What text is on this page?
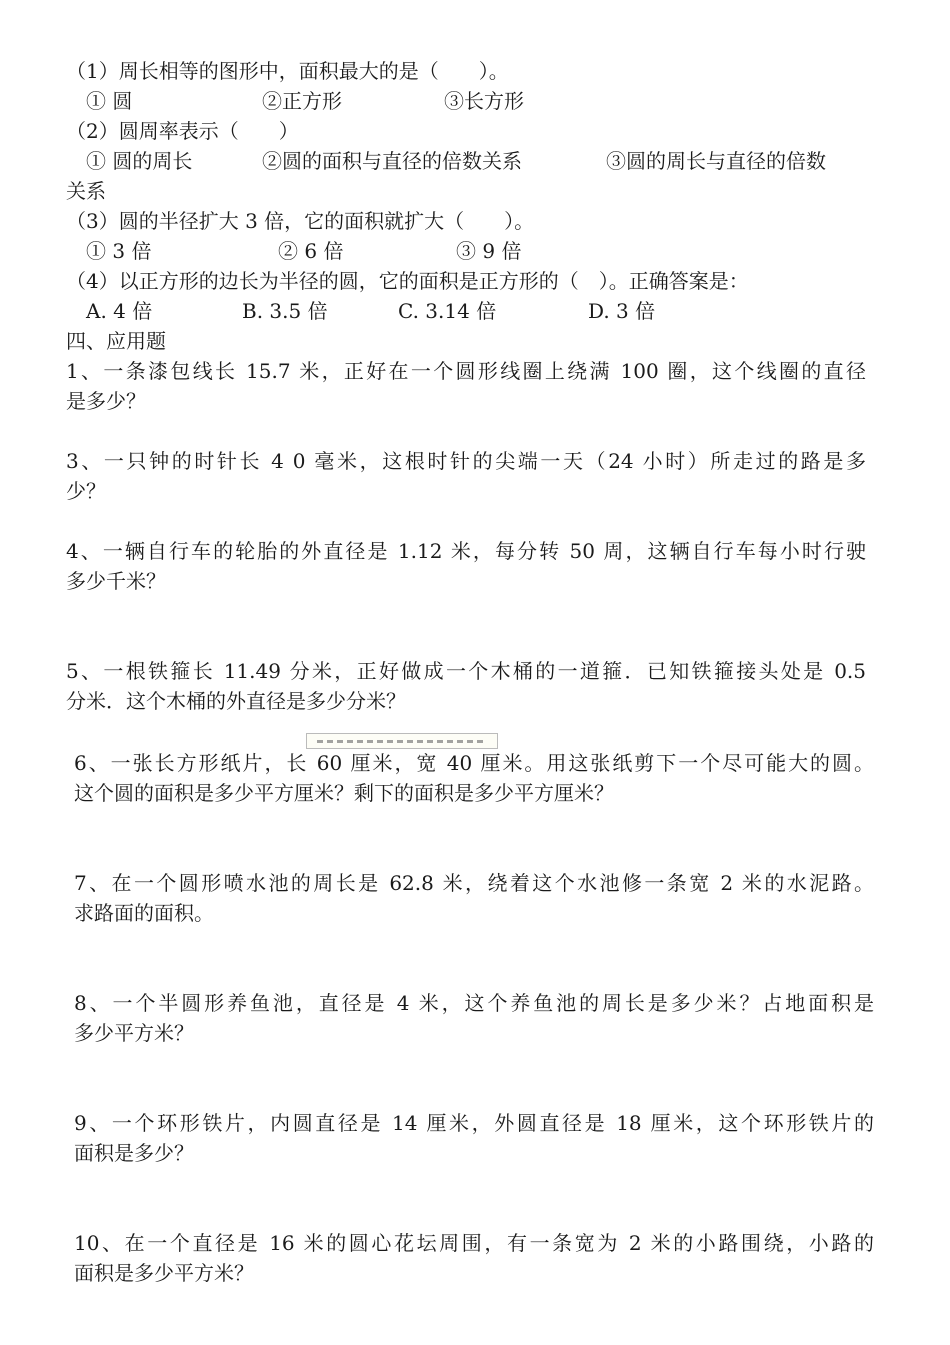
（1）周长相等的图形中，面积最大的是（　　）。
① 圆	②正方形	③长方形
（2）圆周率表示（　　）
① 圆的周长	②圆的面积与直径的倍数关系	③圆的周长与直径的倍数
关系
（3）圆的半径扩大 3 倍，它的面积就扩大（　　）。
① 3 倍	② 6 倍	③ 9 倍
（4）以正方形的边长为半径的圆，它的面积是正方形的（　）。正确答案是：
A. 4 倍	B. 3.5 倍	C. 3.14 倍	D. 3 倍
四、应用题
1、一条漆包线长 15.7 米，正好在一个圆形线圈上绕满 100 圈，这个线圈的直径
是多少？
3、一只钟的时针长 4 0 毫米，这根时针的尖端一天（24 小时）所走过的路是多
少？
4、一辆自行车的轮胎的外直径是 1.12 米，每分转 50 周，这辆自行车每小时行驶
多少千米？
5、一根铁箍长 11.49 分米，正好做成一个木桶的一道箍．已知铁箍接头处是 0.5
分米．这个木桶的外直径是多少分米？
6、一张长方形纸片，长 60 厘米，宽 40 厘米。用这张纸剪下一个尽可能大的圆。
这个圆的面积是多少平方厘米？剩下的面积是多少平方厘米？
7、在一个圆形喷水池的周长是 62.8 米，绕着这个水池修一条宽 2 米的水泥路。
求路面的面积。
8、一个半圆形养鱼池，直径是 4 米，这个养鱼池的周长是多少米？占地面积是
多少平方米？
9、一个环形铁片，内圆直径是 14 厘米，外圆直径是 18 厘米，这个环形铁片的
面积是多少？
10、在一个直径是 16 米的圆心花坛周围，有一条宽为 2 米的小路围绕，小路的
面积是多少平方米？
